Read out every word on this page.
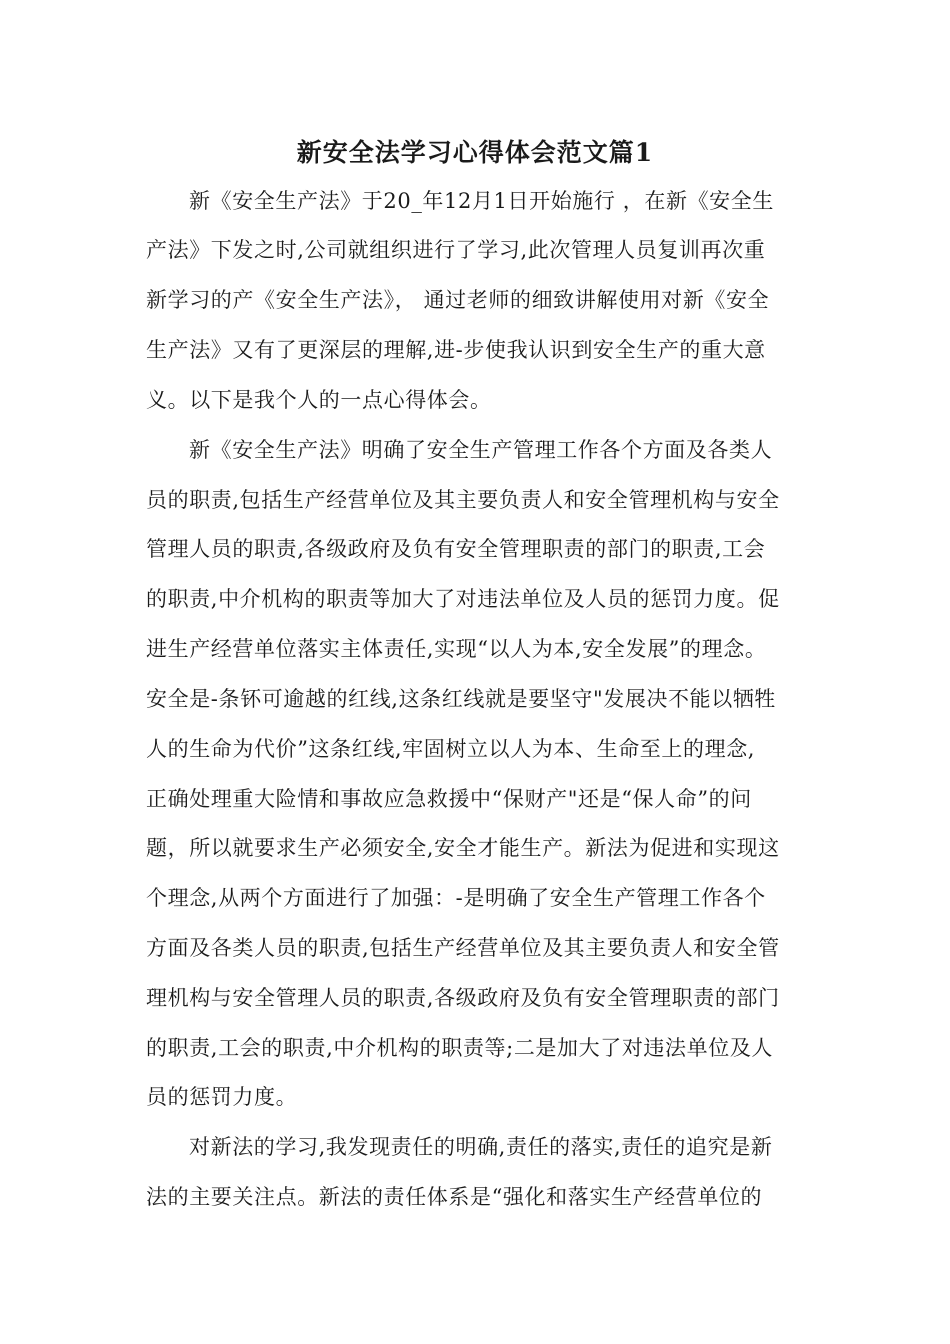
新安全法学习心得体会范文篇1

新《安全生产法》于20_年12月1日开始施行 ，在新《安全生

产法》下发之时,公司就组织进行了学习,此次管理人员复训再次重

新学习的产《安全生产法》， 通过老师的细致讲解使用对新《安全

生产法》又有了更深层的理解,进-步使我认识到安全生产的重大意

义。以下是我个人的一点心得体会。

新《安全生产法》明确了安全生产管理工作各个方面及各类人

员的职责,包括生产经营单位及其主要负责人和安全管理机构与安全

管理人员的职责,各级政府及负有安全管理职责的部门的职责,工会

的职责,中介机构的职责等加大了对违法单位及人员的惩罚力度。促

进生产经营单位落实主体责任,实现“以人为本,安全发展”的理念。

安全是-条钚可逾越的红线,这条红线就是要坚守"发展决不能以牺牲

人的生命为代价”这条红线,牢固树立以人为本、生命至上的理念,

正确处理重大险情和事故应急救援中“保财产"还是“保人命”的问

题，所以就要求生产必须安全,安全才能生产。新法为促进和实现这

个理念,从两个方面进行了加强：-是明确了安全生产管理工作各个

方面及各类人员的职责,包括生产经营单位及其主要负责人和安全管

理机构与安全管理人员的职责,各级政府及负有安全管理职责的部门

的职责,工会的职责,中介机构的职责等;二是加大了对违法单位及人

员的惩罚力度。

对新法的学习,我发现责任的明确,责任的落实,责任的追究是新

法的主要关注点。新法的责任体系是“强化和落实生产经营单位的
